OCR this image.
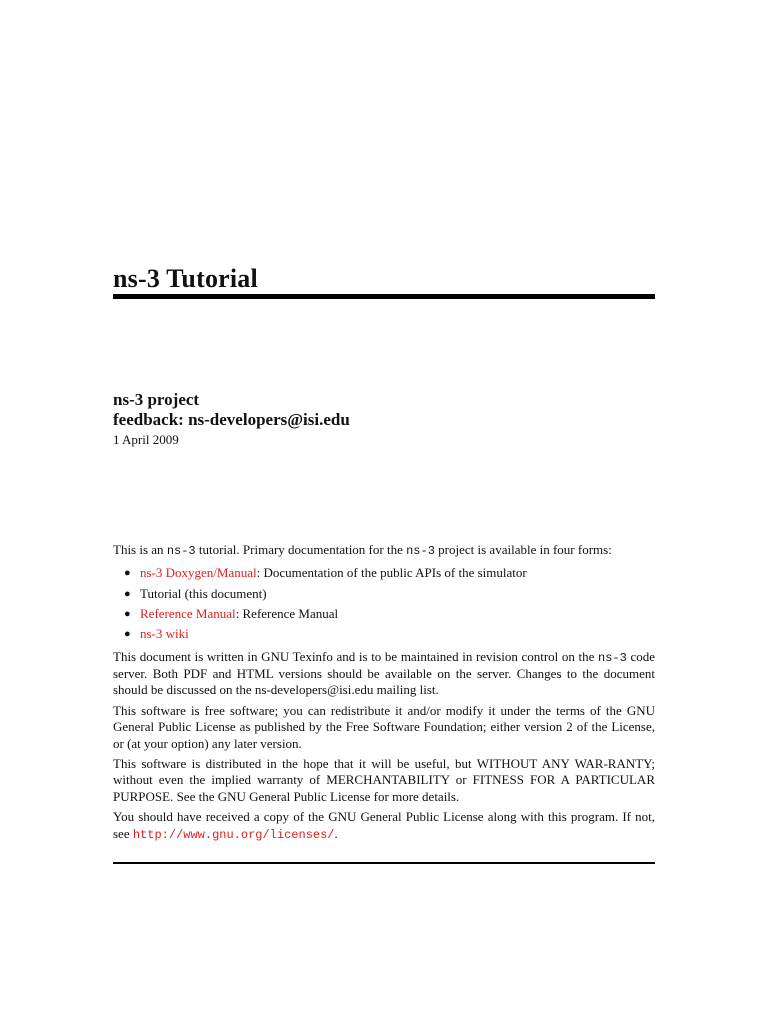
ns-3 Tutorial
ns-3 project
feedback: ns-developers@isi.edu
1 April 2009

This is an ns-3 tutorial. Primary documentation for the ns-3 project is available in four forms:

● ns-3 Doxygen/Manual: Documentation of the public APIs of the simulator
● Tutorial (this document)
● Reference Manual: Reference Manual
● ns-3 wiki

This document is written in GNU Texinfo and is to be maintained in revision control on the ns-3 code server. Both PDF and HTML versions should be available on the server. Changes to the document should be discussed on the ns-developers@isi.edu mailing list.

This software is free software; you can redistribute it and/or modify it under the terms of the GNU General Public License as published by the Free Software Foundation; either version 2 of the License, or (at your option) any later version.

This software is distributed in the hope that it will be useful, but WITHOUT ANY WAR-RANTY; without even the implied warranty of MERCHANTABILITY or FITNESS FOR A PARTICULAR PURPOSE. See the GNU General Public License for more details.

You should have received a copy of the GNU General Public License along with this program. If not, see http://www.gnu.org/licenses/.
